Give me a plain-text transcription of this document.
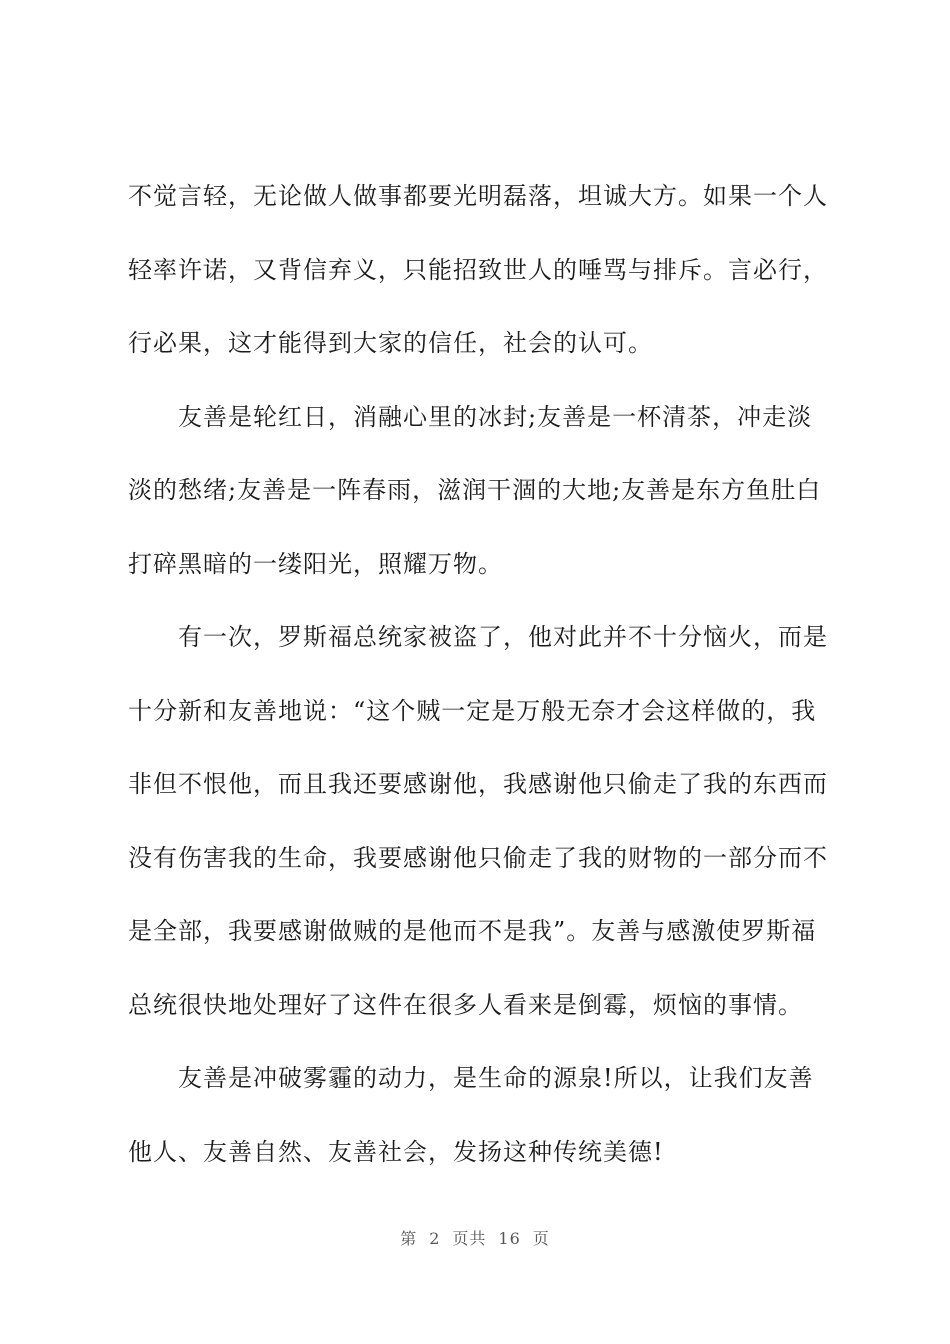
不觉言轻，无论做人做事都要光明磊落，坦诚大方。如果一个人
轻率许诺，又背信弃义，只能招致世人的唾骂与排斥。言必行，
行必果，这才能得到大家的信任，社会的认可。
　　友善是轮红日，消融心里的冰封;友善是一杯清茶，冲走淡
淡的愁绪;友善是一阵春雨，滋润干涸的大地;友善是东方鱼肚白
打碎黑暗的一缕阳光，照耀万物。
　　有一次，罗斯福总统家被盗了，他对此并不十分恼火，而是
十分新和友善地说：“这个贼一定是万般无奈才会这样做的，我
非但不恨他，而且我还要感谢他，我感谢他只偷走了我的东西而
没有伤害我的生命，我要感谢他只偷走了我的财物的一部分而不
是全部，我要感谢做贼的是他而不是我”。友善与感激使罗斯福
总统很快地处理好了这件在很多人看来是倒霉，烦恼的事情。
　　友善是冲破雾霾的动力，是生命的源泉!所以，让我们友善
他人、友善自然、友善社会，发扬这种传统美德!
第 2 页共 16 页
